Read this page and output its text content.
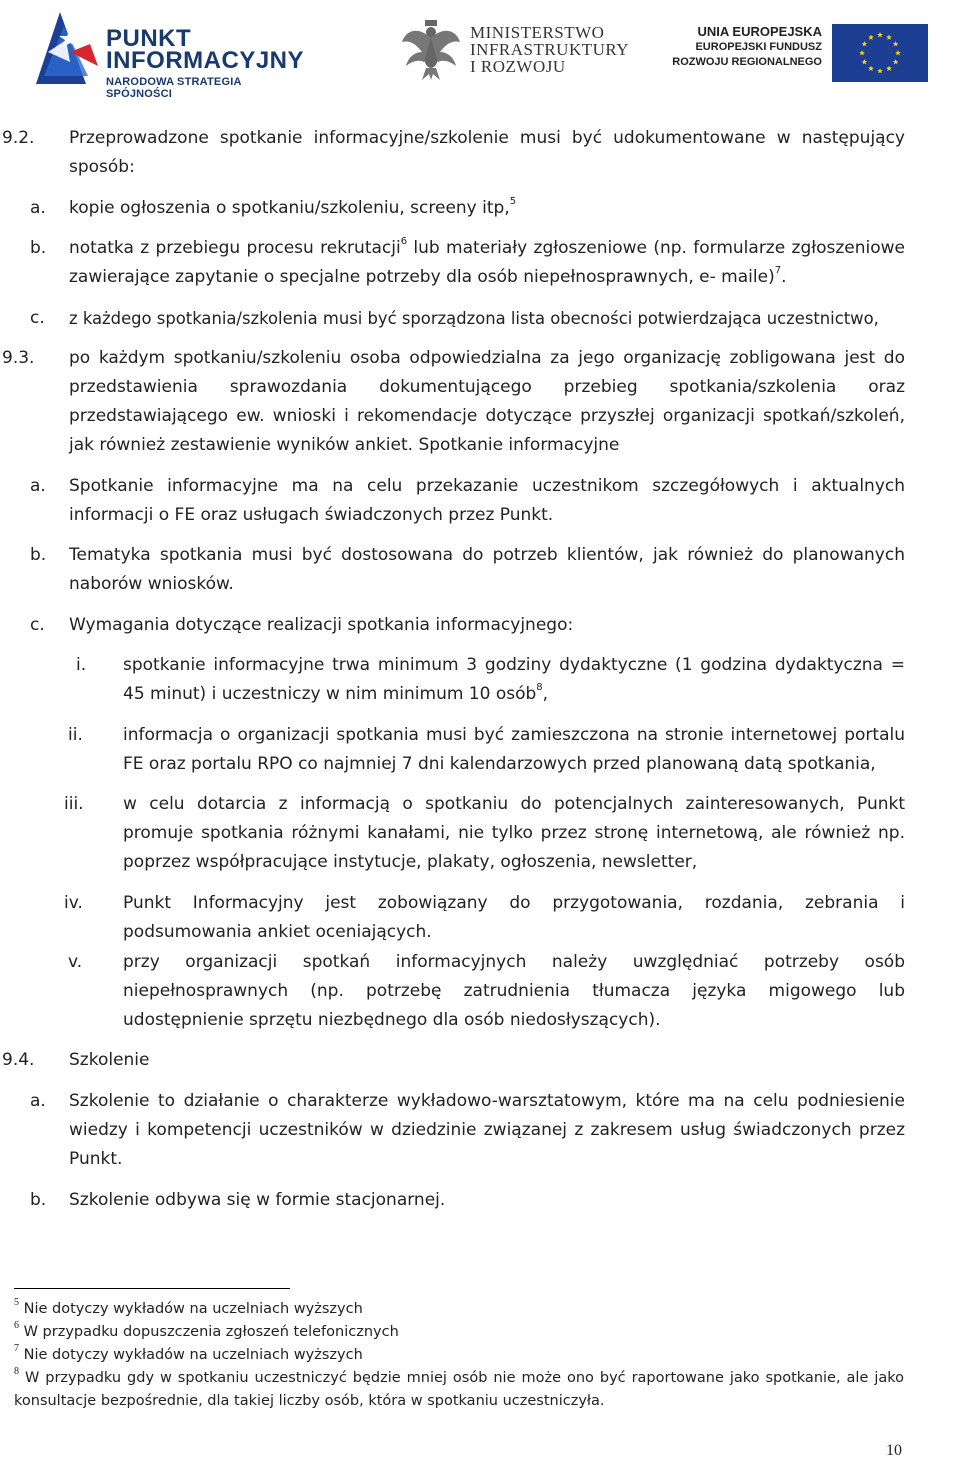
PUNKT
INFORMACYJNY
NARODOWA STRATEGIA SPÓJNOŚCI
MINISTERSTWO
INFRASTRUKTURY
I ROZWOJU
UNIA EUROPEJSKA
EUROPEJSKI FUNDUSZ
ROZWOJU REGIONALNEGO
9.2. Przeprowadzone spotkanie informacyjne/szkolenie musi być udokumentowane w następujący sposób:
a. kopie ogłoszenia o spotkaniu/szkoleniu, screeny itp,$^5$
b. notatka z przebiegu procesu rekrutacji$^6$ lub materiały zgłoszeniowe (np. formularze zgłoszeniowe zawierające zapytanie o specjalne potrzeby dla osób niepełnosprawnych, e- maile)$^7$.
c. z każdego spotkania/szkolenia musi być sporządzona lista obecności potwierdzająca uczestnictwo,
9.3. po każdym spotkaniu/szkoleniu osoba odpowiedzialna za jego organizację zobligowana jest do przedstawienia sprawozdania dokumentującego przebieg spotkania/szkolenia oraz przedstawiającego ew. wnioski i rekomendacje dotyczące przyszłej organizacji spotkań/szkoleń, jak również zestawienie wyników ankiet. Spotkanie informacyjne
a. Spotkanie informacyjne ma na celu przekazanie uczestnikom szczegółowych i aktualnych informacji o FE oraz usługach świadczonych przez Punkt.
b. Tematyka spotkania musi być dostosowana do potrzeb klientów, jak również do planowanych naborów wniosków.
c. Wymagania dotyczące realizacji spotkania informacyjnego:
i. spotkanie informacyjne trwa minimum 3 godziny dydaktyczne (1 godzina dydaktyczna = 45 minut) i uczestniczy w nim minimum 10 osób$^8$,
ii. informacja o organizacji spotkania musi być zamieszczona na stronie internetowej portalu FE oraz portalu RPO co najmniej 7 dni kalendarzowych przed planowaną datą spotkania,
iii. w celu dotarcia z informacją o spotkaniu do potencjalnych zainteresowanych, Punkt promuje spotkania różnymi kanałami, nie tylko przez stronę internetową, ale również np. poprzez współpracujące instytucje, plakaty, ogłoszenia, newsletter,
iv. Punkt Informacyjny jest zobowiązany do przygotowania, rozdania, zebrania i podsumowania ankiet oceniających.
v. przy organizacji spotkań informacyjnych należy uwzględniać potrzeby osób niepełnosprawnych (np. potrzebę zatrudnienia tłumacza języka migowego lub udostępnienie sprzętu niezbędnego dla osób niedosłyszących).
9.4. Szkolenie
a. Szkolenie to działanie o charakterze wykładowo-warsztatowym, które ma na celu podniesienie wiedzy i kompetencji uczestników w dziedzinie związanej z zakresem usług świadczonych przez Punkt.
b. Szkolenie odbywa się w formie stacjonarnej.
$^5$ Nie dotyczy wykładów na uczelniach wyższych
$^6$ W przypadku dopuszczenia zgłoszeń telefonicznych
$^7$ Nie dotyczy wykładów na uczelniach wyższych
$^8$ W przypadku gdy w spotkaniu uczestniczyć będzie mniej osób nie może ono być raportowane jako spotkanie, ale jako konsultacje bezpośrednie, dla takiej liczby osób, która w spotkaniu uczestniczyła.
10
